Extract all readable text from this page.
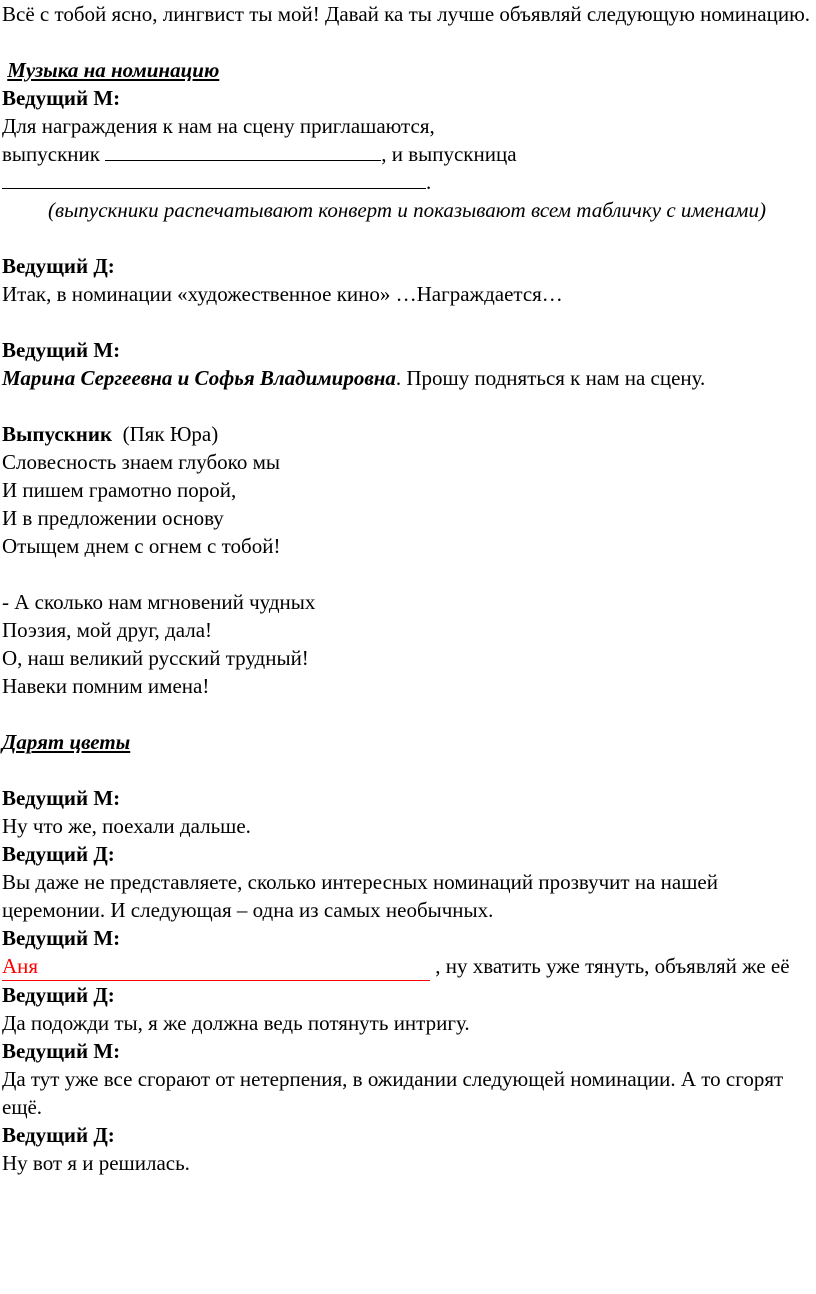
Всё с тобой ясно, лингвист ты мой! Давай ка ты лучше объявляй следующую номинацию.
Музыка на номинацию
Ведущий М:
Для награждения к нам на сцену приглашаются,
выпускник	, и выпускница
.
(выпускники распечатывают конверт и показывают всем табличку с именами)
Ведущий Д:
Итак, в номинации «художественное кино» …Награждается…
Ведущий М:
Марина Сергеевна и Софья Владимировна. Прошу подняться к нам на сцену.
Выпускник  (Пяк Юра)
Словесность знаем глубоко мы
И пишем грамотно порой,
И в предложении основу
Отыщем днем с огнем с тобой!
- А сколько нам мгновений чудных
Поэзия, мой друг, дала!
О, наш великий русский трудный!
Навеки помним имена!
Дарят цветы
Ведущий М:
Ну что же, поехали дальше.
Ведущий Д:
Вы даже не представляете, сколько интересных номинаций прозвучит на нашей церемонии. И следующая – одна из самых необычных.
Ведущий М:
Аня	, ну хватить уже тянуть, объявляй же её
Ведущий Д:
Да подожди ты, я же должна ведь потянуть интригу.
Ведущий М:
Да тут уже все сгорают от нетерпения, в ожидании следующей номинации. А то сгорят ещё.
Ведущий Д:
Ну вот я и решилась.
